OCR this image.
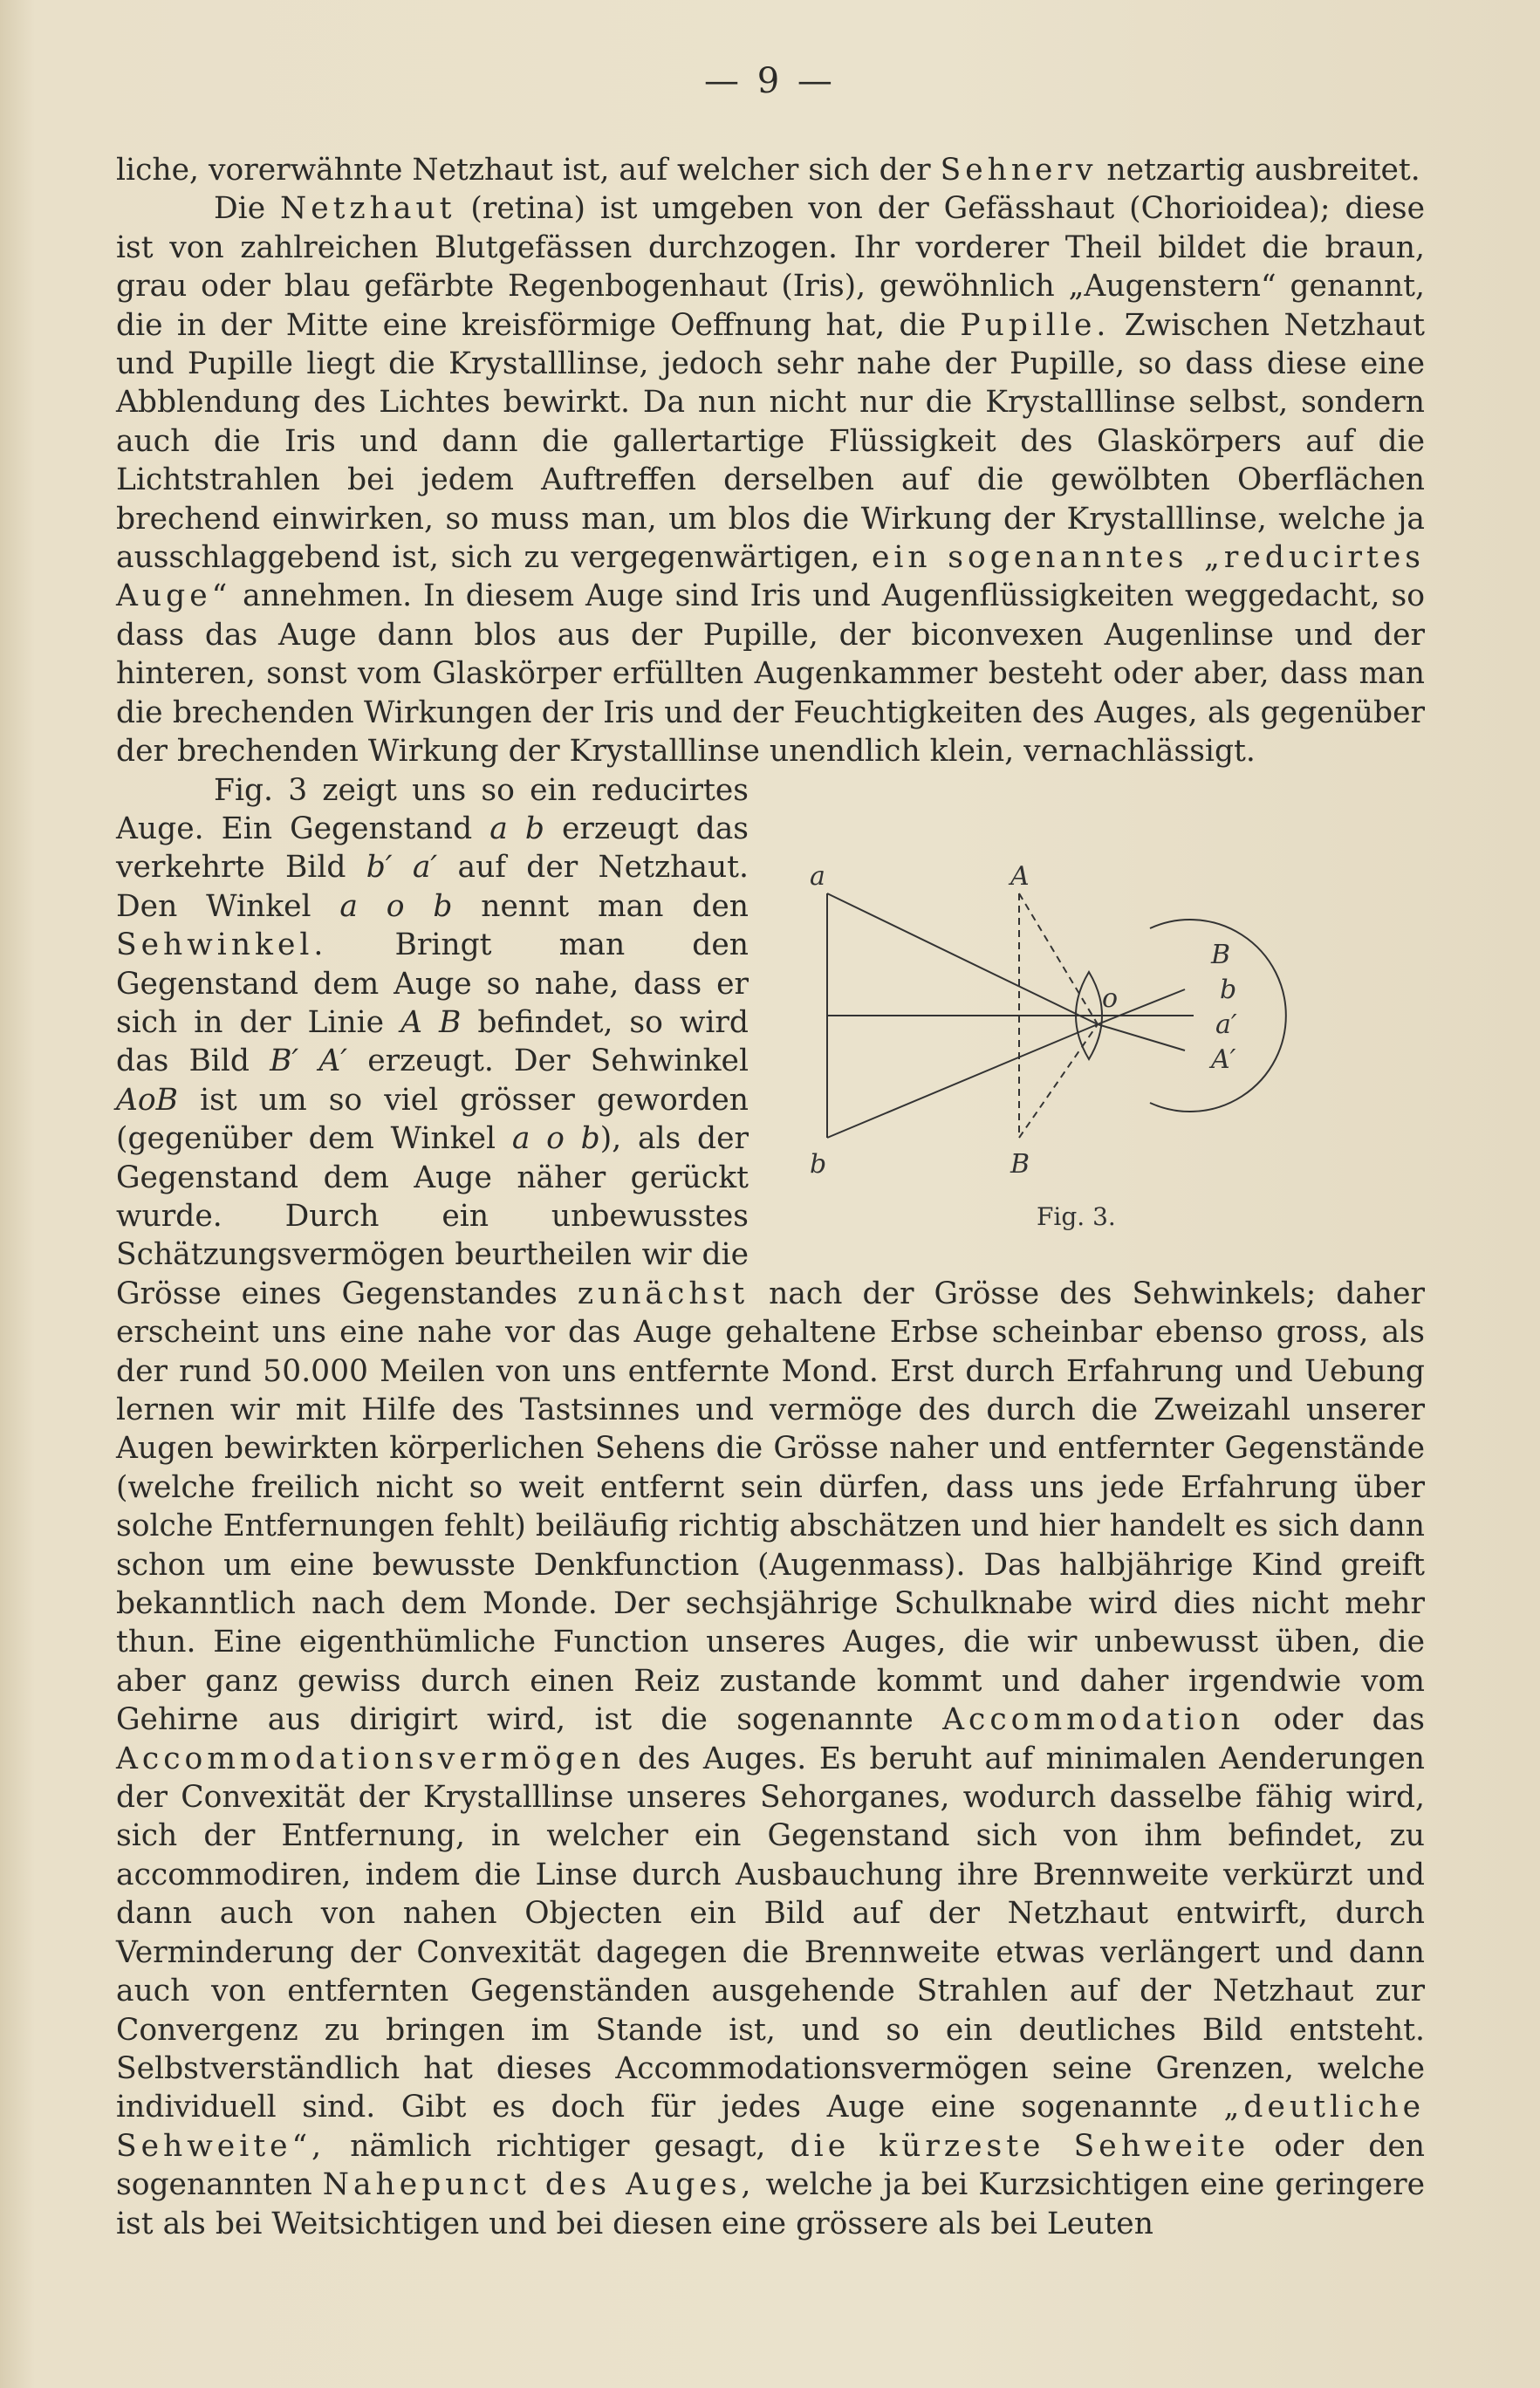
— 9 —

liche, vorerwähnte Netzhaut ist, auf welcher sich der Sehnerv netzartig ausbreitet.

Die Netzhaut (retina) ist umgeben von der Gefässhaut (Chorioidea); diese ist von zahlreichen Blutgefässen durchzogen. Ihr vorderer Theil bildet die braun, grau oder blau gefärbte Regenbogenhaut (Iris), gewöhnlich „Augenstern“ genannt, die in der Mitte eine kreisförmige Oeffnung hat, die Pupille. Zwischen Netzhaut und Pupille liegt die Krystalllinse, jedoch sehr nahe der Pupille, so dass diese eine Abblendung des Lichtes bewirkt. Da nun nicht nur die Krystalllinse selbst, sondern auch die Iris und dann die gallertartige Flüssigkeit des Glaskörpers auf die Lichtstrahlen bei jedem Auftreffen derselben auf die gewölbten Oberflächen brechend einwirken, so muss man, um blos die Wirkung der Krystalllinse, welche ja ausschlaggebend ist, sich zu vergegenwärtigen, ein sogenanntes „reducirtes Auge“ annehmen. In diesem Auge sind Iris und Augenflüssigkeiten weggedacht, so dass das Auge dann blos aus der Pupille, der biconvexen Augenlinse und der hinteren, sonst vom Glaskörper erfüllten Augenkammer besteht oder aber, dass man die brechenden Wirkungen der Iris und der Feuchtigkeiten des Auges, als gegenüber der brechenden Wirkung der Krystalllinse unendlich klein, vernachlässigt.

a
b
A
B
o
B
b
a′
A′
Fig. 3.
Fig. 3 zeigt uns so ein reducirtes Auge. Ein Gegenstand a b erzeugt das verkehrte Bild b′ a′ auf der Netzhaut. Den Winkel a o b nennt man den Sehwinkel. Bringt man den Gegenstand dem Auge so nahe, dass er sich in der Linie A B befindet, so wird das Bild B′ A′ erzeugt. Der Sehwinkel AoB ist um so viel grösser geworden (gegenüber dem Winkel a o b), als der Gegenstand dem Auge näher gerückt wurde. Durch ein unbewusstes Schätzungsvermögen beurtheilen wir die Grösse eines Gegenstandes zunächst nach der Grösse des Sehwinkels; daher erscheint uns eine nahe vor das Auge gehaltene Erbse scheinbar ebenso gross, als der rund 50.000 Meilen von uns entfernte Mond. Erst durch Erfahrung und Uebung lernen wir mit Hilfe des Tastsinnes und vermöge des durch die Zweizahl unserer Augen bewirkten körperlichen Sehens die Grösse naher und entfernter Gegenstände (welche freilich nicht so weit entfernt sein dürfen, dass uns jede Erfahrung über solche Entfernungen fehlt) beiläufig richtig abschätzen und hier handelt es sich dann schon um eine bewusste Denkfunction (Augenmass). Das halbjährige Kind greift bekanntlich nach dem Monde. Der sechsjährige Schulknabe wird dies nicht mehr thun. Eine eigenthümliche Function unseres Auges, die wir unbewusst üben, die aber ganz gewiss durch einen Reiz zustande kommt und daher irgendwie vom Gehirne aus dirigirt wird, ist die sogenannte Accommodation oder das Accommodationsvermögen des Auges. Es beruht auf minimalen Aenderungen der Convexität der Krystalllinse unseres Sehorganes, wodurch dasselbe fähig wird, sich der Entfernung, in welcher ein Gegenstand sich von ihm befindet, zu accommodiren, indem die Linse durch Ausbauchung ihre Brennweite verkürzt und dann auch von nahen Objecten ein Bild auf der Netzhaut entwirft, durch Verminderung der Convexität dagegen die Brennweite etwas verlängert und dann auch von entfernten Gegenständen ausgehende Strahlen auf der Netzhaut zur Convergenz zu bringen im Stande ist, und so ein deutliches Bild entsteht. Selbstverständlich hat dieses Accommodationsvermögen seine Grenzen, welche individuell sind. Gibt es doch für jedes Auge eine sogenannte „deutliche Sehweite“, nämlich richtiger gesagt, die kürzeste Sehweite oder den sogenannten Nahepunct des Auges, welche ja bei Kurzsichtigen eine geringere ist als bei Weitsichtigen und bei diesen eine grössere als bei Leuten
